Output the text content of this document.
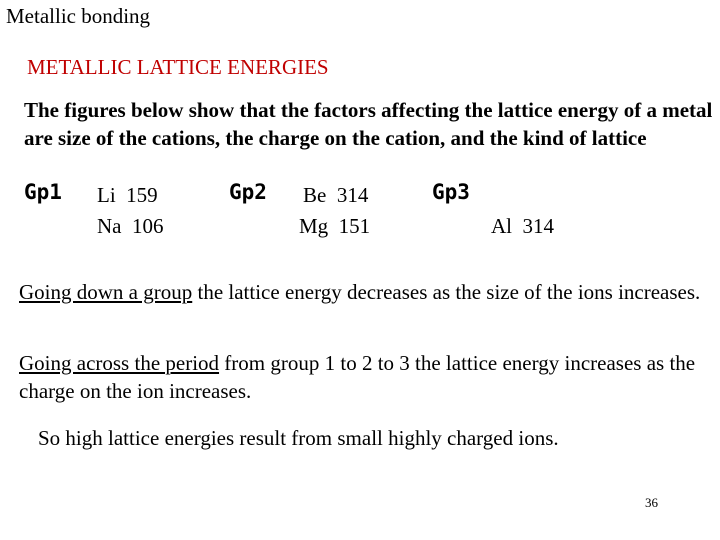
Metallic bonding
METALLIC LATTICE ENERGIES
The figures below show that the factors affecting the lattice energy of a metal are size of the cations, the charge on the cation, and the kind of lattice
Gp1 Li  159
Na  106
Gp2 Be  314
Mg  151
Gp3
Al  314
Going down a group the lattice energy decreases as the size of the ions increases.
Going across the period from group 1 to 2 to 3 the lattice energy increases as the charge on the ion increases.
So high lattice energies result from small highly charged ions.
36
